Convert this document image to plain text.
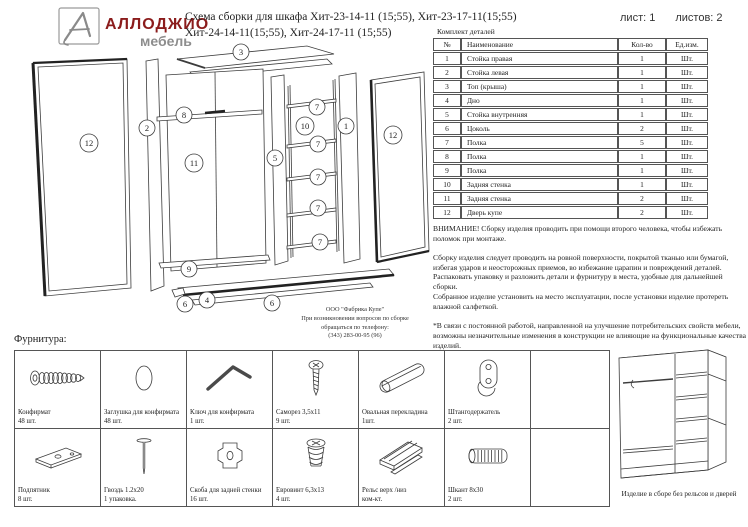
АЛЛОДЖИО
мебель
Схема сборки для шкафа Хит-23-14-11 (15;55), Хит-23-17-11(15;55)
Хит-24-14-11(15;55), Хит-24-17-11 (15;55)
лист: 1 листов: 2
Комплект деталей
№	Наименование	Кол-во	Ед.изм.
1	Стойка правая	1	Шт.
2	Стойка левая	1	Шт.
3	Топ (крыша)	1	Шт.
4	Дно	1	Шт.
5	Стойка внутренняя	1	Шт.
6	Цоколь	2	Шт.
7	Полка	5	Шт.
8	Полка	1	Шт.
9	Полка	1	Шт.
10	Задняя стенка	1	Шт.
11	Задняя стенка	2	Шт.
12	Дверь купе	2	Шт.

ВНИМАНИЕ! Сборку изделия проводить при помощи второго человека, чтобы избежать поломок при монтаже.

Сборку изделия следует проводить на ровной поверхности, покрытой тканью или бумагой, избегая ударов и неосторожных приемов, во избежание царапин и повреждений деталей.

Распаковать упаковку и разложить детали и фурнитуру в места, удобные для дальнейшей сборки.

Собранное изделие установить на место эксплуатации, после установки изделие протереть влажной салфеткой.

*В связи с постоянной работой, направленной на улучшение потребительских свойств мебели, возможны незначительные изменения в конструкции не влияющие на функциональные качества изделий.

ООО "Фабрика Купе"
При возникновении вопросов по сборке
обращаться по телефону:
(343) 283-00-95 (96)
3
12
2
8
11	5
10
7
7
7
7
7
1
12
9
6 4	6
Фурнитура:
Конфирмат
48 шт.	Заглушка для конфирмата
48 шт.	Ключ для конфирмата
1 шт.	Саморез 3,5х11
9 шт.	Овальная перекладина
1шт.	Штангодержатель
2 шт.	

Подпятник
8 шт.	Гвоздь 1.2х20
1 упаковка.	Скоба для задней стенки
16 шт.	Евровинт 6,3х13
4 шт.	Рельс верх /низ
ком-кт.	Шкант 8х30
2 шт.	

Изделие в сборе без рельсов и дверей
